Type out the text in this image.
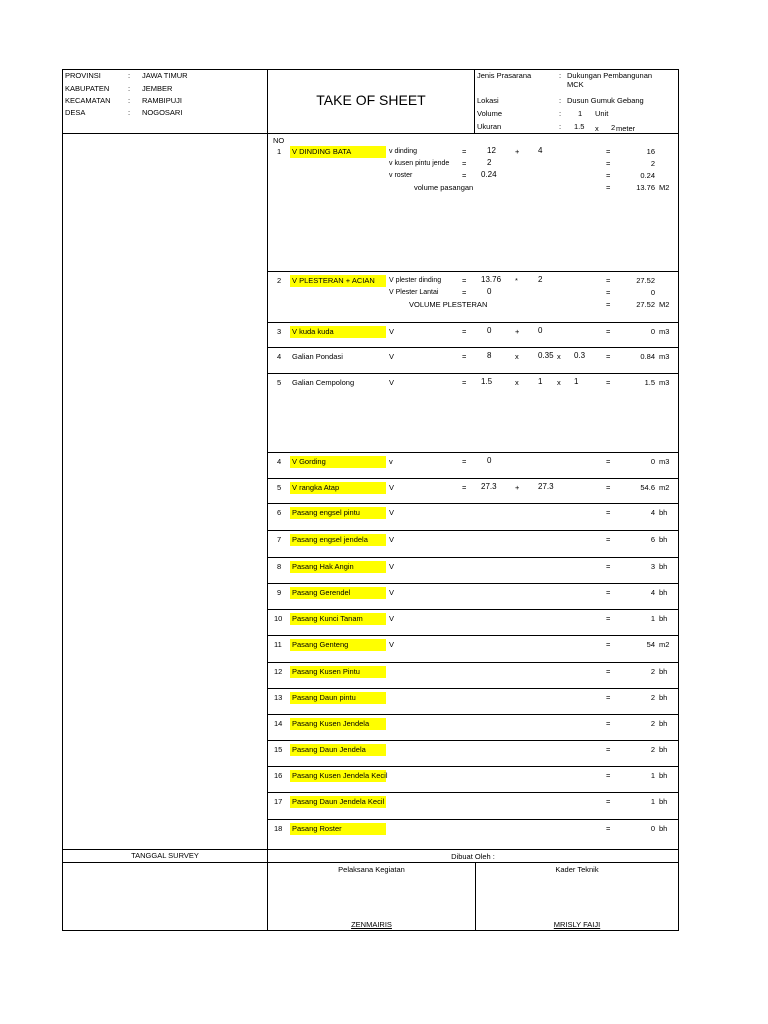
PROVINSI	: JAWA TIMUR
KABUPATEN : JEMBER
KECAMATAN : RAMBIPUJI
DESA	: NOGOSARI
TAKE OF SHEET
Jenis Prasarana	: Dukungan Pembangunan
MCK
Lokasi	: Dusun Gumuk Gebang
Volume	: 1 Unit
Ukuran	: 1.5 x 2 meter
NO
1 V DINDING BATA	v dinding	=	12	+ 4	=	16
v kusen pintu jende =	2	=	2
v roster	= 0.24	=	0.24
volume pasangan	=	13.76 M2
2 V PLESTERAN + ACIAN V plester dinding	= 13.76 *	2	=	27.52
V Plester Lantai	=	0	=	0
VOLUME PLESTERAN	=	27.52 M2
3 V kuda kuda	V	=	0	+ 0	=	0 m3
4 Galian Pondasi	V	=	8	x 0.35 x 0.3	=	0.84 m3
5 Galian Cempolong	V	= 1.5	x 1 x 1	=	1.5 m3
4 V Gording	v	=	0	=	0 m3
5 V rangka Atap	V	= 27.3 + 27.3	=	54.6 m2
6 Pasang engsel pintu	V	=	4 bh
7 Pasang engsel jendela	V	=	6 bh
8 Pasang Hak Angin	V	=	3 bh
9 Pasang Gerendel	V	=	4 bh
10 Pasang Kunci Tanam	V	=	1 bh
11 Pasang Genteng	V	=	54 m2
12 Pasang Kusen Pintu	=	2 bh
13 Pasang Daun pintu	=	2 bh
14 Pasang Kusen Jendela	=	2 bh
15 Pasang Daun Jendela	=	2 bh
16 Pasang Kusen Jendela Kecil	=	1 bh
17 Pasang Daun Jendela Kecil	=	1 bh
18 Pasang Roster	=	0 bh
TANGGAL SURVEY	Dibuat Oleh :
Pelaksana Kegiatan	Kader Teknik
ZENMAIRIS	MRISLY FAIJI
